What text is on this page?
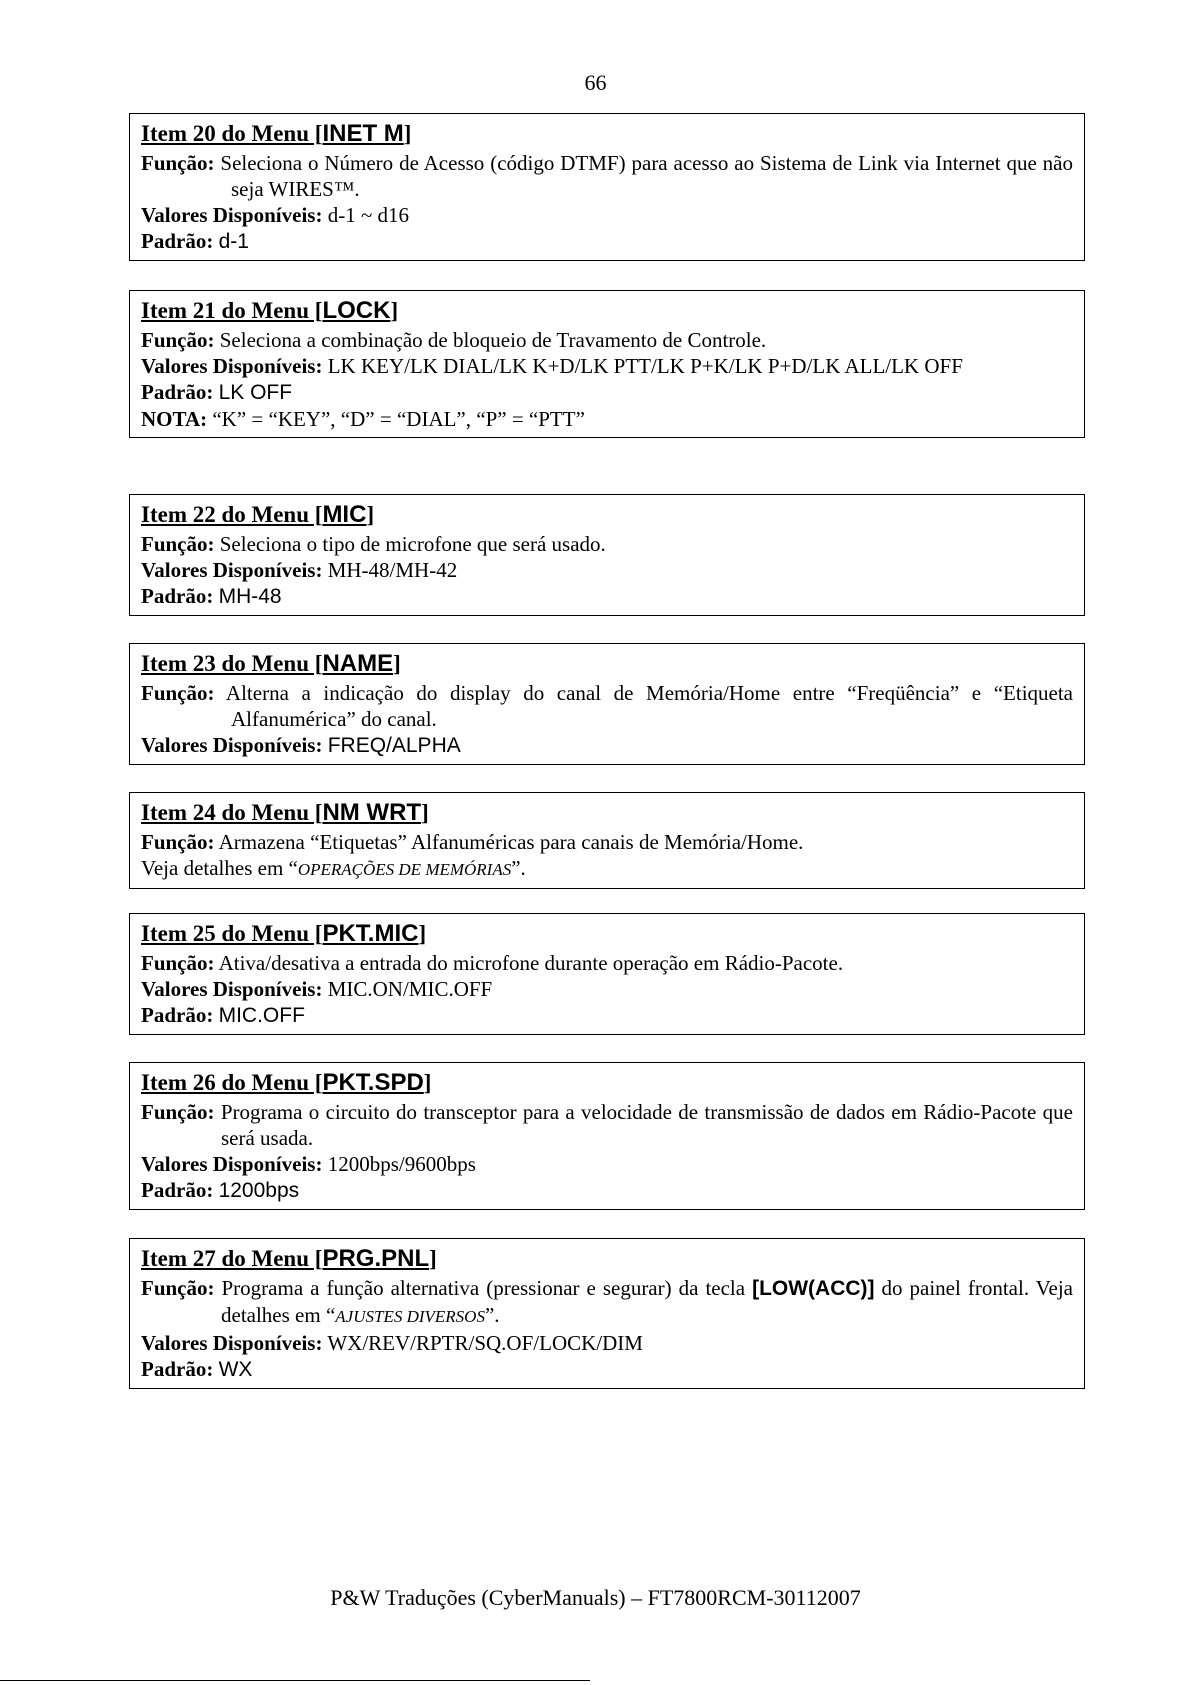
66
Item 20 do Menu [INET M]
Função: Seleciona o Número de Acesso (código DTMF) para acesso ao Sistema de Link via Internet que não seja WIRES™.
Valores Disponíveis: d-1 ~ d16
Padrão: d-1
Item 21 do Menu [LOCK]
Função: Seleciona a combinação de bloqueio de Travamento de Controle.
Valores Disponíveis: LK KEY/LK DIAL/LK K+D/LK PTT/LK P+K/LK P+D/LK ALL/LK OFF
Padrão: LK OFF
NOTA: “K” = “KEY”, “D” = “DIAL”, “P” = “PTT”
Item 22 do Menu [MIC]
Função: Seleciona o tipo de microfone que será usado.
Valores Disponíveis: MH-48/MH-42
Padrão: MH-48
Item 23 do Menu [NAME]
Função: Alterna a indicação do display do canal de Memória/Home entre “Freqüência” e “Etiqueta Alfanumérica” do canal.
Valores Disponíveis: FREQ/ALPHA
Item 24 do Menu [NM WRT]
Função: Armazena “Etiquetas” Alfanuméricas para canais de Memória/Home.
Veja detalhes em “OPERAÇÕES DE MEMÓRIAS”.
Item 25 do Menu [PKT.MIC]
Função: Ativa/desativa a entrada do microfone durante operação em Rádio-Pacote.
Valores Disponíveis: MIC.ON/MIC.OFF
Padrão: MIC.OFF
Item 26 do Menu [PKT.SPD]
Função: Programa o circuito do transceptor para a velocidade de transmissão de dados em Rádio-Pacote que será usada.
Valores Disponíveis: 1200bps/9600bps
Padrão: 1200bps
Item 27 do Menu [PRG.PNL]
Função: Programa a função alternativa (pressionar e segurar) da tecla [LOW(ACC)] do painel frontal. Veja detalhes em “AJUSTES DIVERSOS”.
Valores Disponíveis: WX/REV/RPTR/SQ.OF/LOCK/DIM
Padrão: WX
P&W Traduções (CyberManuals) – FT7800RCM-30112007
